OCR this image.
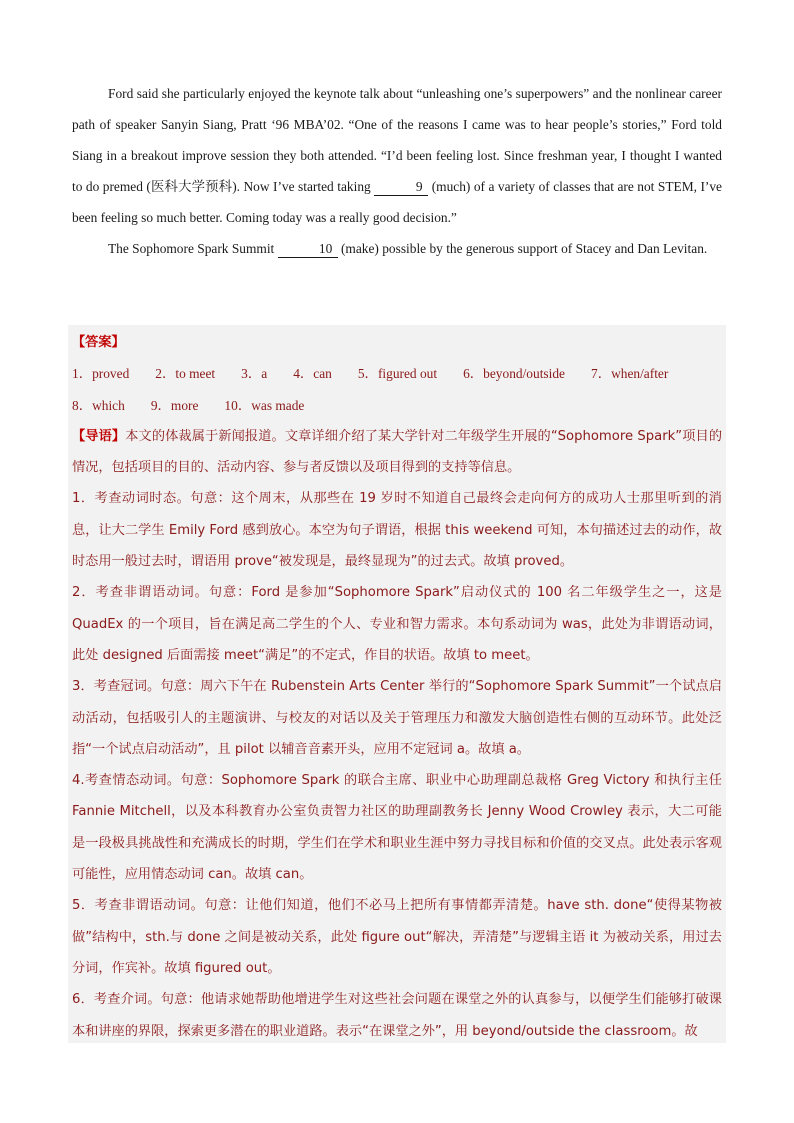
Ford said she particularly enjoyed the keynote talk about “unleashing one’s superpowers” and the nonlinear career path of speaker Sanyin Siang, Pratt ‘96 MBA’02. “One of the reasons I came was to hear people’s stories,” Ford told Siang in a breakout improve session they both attended. “I’d been feeling lost. Since freshman year, I thought I wanted to do premed (医科大学预科). Now I’ve started taking	9 (much) of a variety of classes that are not STEM, I’ve been feeling so much better. Coming today was a really good decision.”

The Sophomore Spark Summit	10 (make) possible by the generous support of Stacey and Dan Levitan.

【答案】

1．proved 2．to meet 3．a 4．can 5．figured out 6．beyond/outside 7．when/after
8．which 9．more 10．was made

【导语】本文的体裁属于新闻报道。文章详细介绍了某大学针对二年级学生开展的“Sophomore Spark”项目的情况，包括项目的目的、活动内容、参与者反馈以及项目得到的支持等信息。

1．考查动词时态。句意：这个周末，从那些在 19 岁时不知道自己最终会走向何方的成功人士那里听到的消息，让大二学生 Emily Ford 感到放心。本空为句子谓语，根据 this weekend 可知，本句描述过去的动作，故时态用一般过去时，谓语用 prove“被发现是，最终显现为”的过去式。故填 proved。

2．考查非谓语动词。句意：Ford 是参加“Sophomore Spark”启动仪式的 100 名二年级学生之一，这是 QuadEx 的一个项目，旨在满足高二学生的个人、专业和智力需求。本句系动词为 was，此处为非谓语动词，此处 designed 后面需接 meet“满足”的不定式，作目的状语。故填 to meet。

3．考查冠词。句意：周六下午在 Rubenstein Arts Center 举行的“Sophomore Spark Summit”一个试点启动活动，包括吸引人的主题演讲、与校友的对话以及关于管理压力和激发大脑创造性右侧的互动环节。此处泛指“一个试点启动活动”，且 pilot 以辅音音素开头，应用不定冠词 a。故填 a。

4.考查情态动词。句意：Sophomore Spark 的联合主席、职业中心助理副总裁格 Greg Victory 和执行主任 Fannie Mitchell，以及本科教育办公室负责智力社区的助理副教务长 Jenny Wood Crowley 表示，大二可能是一段极具挑战性和充满成长的时期，学生们在学术和职业生涯中努力寻找目标和价值的交叉点。此处表示客观可能性，应用情态动词 can。故填 can。

5．考查非谓语动词。句意：让他们知道，他们不必马上把所有事情都弄清楚。have sth. done“使得某物被做”结构中，sth.与 done 之间是被动关系，此处 figure out“解决，弄清楚”与逻辑主语 it 为被动关系，用过去分词，作宾补。故填 figured out。

6．考查介词。句意：他请求她帮助他增进学生对这些社会问题在课堂之外的认真参与，以便学生们能够打破课本和讲座的界限，探索更多潜在的职业道路。表示“在课堂之外”，用 beyond/outside the classroom。故
